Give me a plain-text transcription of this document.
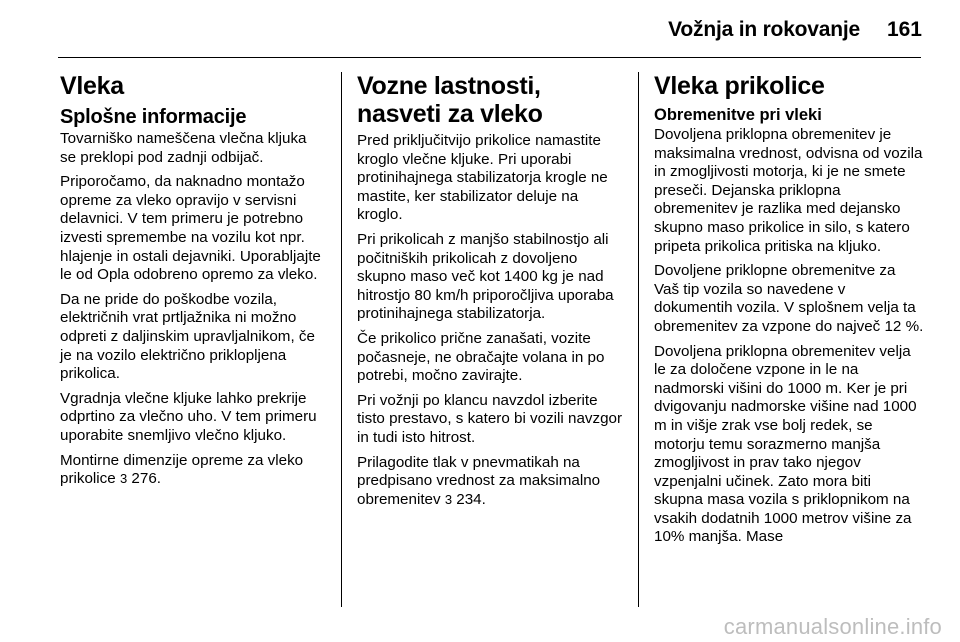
Vožnja in rokovanje 161
Vleka
Splošne informacije

Tovarniško nameščena vlečna kljuka se preklopi pod zadnji odbijač.

Priporočamo, da naknadno montažo opreme za vleko opravijo v servisni delavnici. V tem primeru je potrebno izvesti spremembe na vozilu kot npr. hlajenje in ostali dejavniki. Uporabljajte le od Opla odobreno opremo za vleko.

Da ne pride do poškodbe vozila, električnih vrat prtljažnika ni možno odpreti z daljinskim upravljalnikom, če je na vozilo električno priklopljena prikolica.

Vgradnja vlečne kljuke lahko prekrije odprtino za vlečno uho. V tem primeru uporabite snemljivo vlečno kljuko.

Montirne dimenzije opreme za vleko prikolice 3 276.

Vozne lastnosti, nasveti za vleko

Pred priključitvijo prikolice namastite kroglo vlečne kljuke. Pri uporabi protinihajnega stabilizatorja krogle ne mastite, ker stabilizator deluje na kroglo.

Pri prikolicah z manjšo stabilnostjo ali počitniških prikolicah z dovoljeno skupno maso več kot 1400 kg je nad hitrostjo 80 km/h priporočljiva uporaba protinihajnega stabilizatorja.

Če prikolico prične zanašati, vozite počasneje, ne obračajte volana in po potrebi, močno zavirajte.

Pri vožnji po klancu navzdol izberite tisto prestavo, s katero bi vozili navzgor in tudi isto hitrost.

Prilagodite tlak v pnevmatikah na predpisano vrednost za maksimalno obremenitev 3 234.

Vleka prikolice
Obremenitve pri vleki

Dovoljena priklopna obremenitev je maksimalna vrednost, odvisna od vozila in zmogljivosti motorja, ki je ne smete preseči. Dejanska priklopna obremenitev je razlika med dejansko skupno maso prikolice in silo, s katero pripeta prikolica pritiska na kljuko.

Dovoljene priklopne obremenitve za Vaš tip vozila so navedene v dokumentih vozila. V splošnem velja ta obremenitev za vzpone do največ 12 %.

Dovoljena priklopna obremenitev velja le za določene vzpone in le na nadmorski višini do 1000 m. Ker je pri dvigovanju nadmorske višine nad 1000 m in višje zrak vse bolj redek, se motorju temu sorazmerno manjša zmogljivost in prav tako njegov vzpenjalni učinek. Zato mora biti skupna masa vozila s priklopnikom na vsakih dodatnih 1000 metrov višine za 10% manjša. Mase

carmanualsonline.info
